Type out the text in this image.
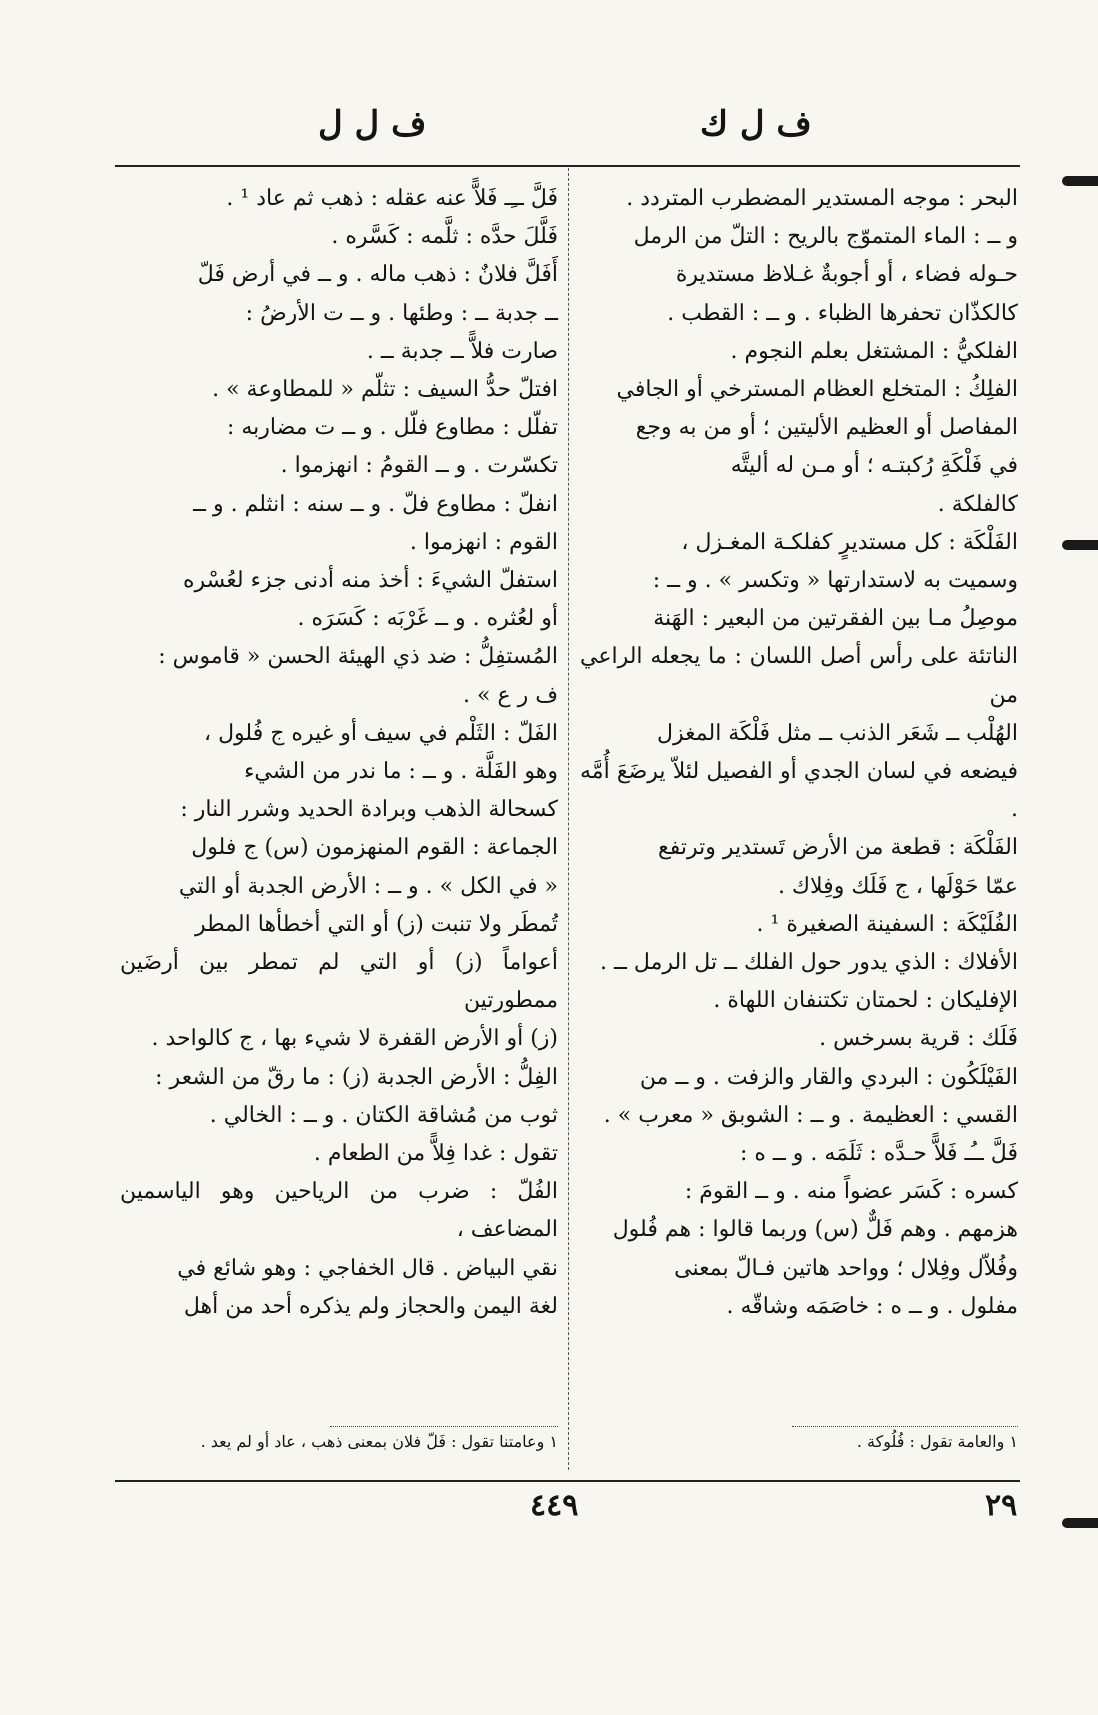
ف ل ك
ف ل ل

البحر : موجه المستدير المضطرب المتردد .

و ــ : الماء المتموّج بالريح : التلّ من الرمل

حـوله فضاء ، أو أجوبةٌ غـلاظ مستديرة

كالكذّان تحفرها الظباء . و ــ : القطب .

الفلكيُّ : المشتغل بعلم النجوم .

الفلِكُ : المتخلع العظام المسترخي أو الجافي

المفاصل أو العظيم الأليتين ؛ أو من به وجع

في فَلْكَةِ رُكبتـه ؛ أو مـن له أليتَّه

كالفلكة .

الفَلْكَة : كل مستديرٍ كفلكـة المغـزل ،

وسميت به لاستدارتها « وتكسر » . و ــ :

موصِلُ مـا بين الفقرتين من البعير : الهَنة

الناتئة على رأس أصل اللسان : ما يجعله الراعي من

الهُلْب ــ شَعَر الذنب ــ مثل فَلْكَة المغزل

فيضعه في لسان الجدي أو الفصيل لئلاّ يرضَعَ أُمَّه .

الفَلْكَة : قطعة من الأرض تَستدير وترتفع

عمّا حَوْلَها ، ج فَلَك وفِلاك .

الفُلَيْكَة : السفينة الصغيرة ¹ .

الأفلاك : الذي يدور حول الفلك ــ تل الرمل ــ .

الإفليكان : لحمتان تكتنفان اللهاة .

فَلَك : قرية بسرخس .

الفَيْلَكُون : البردي والقار والزفت . و ــ من

القسي : العظيمة . و ــ : الشوبق « معرب » .

فَلَّ ــُـ فَلاًّ حـدَّه : ثَلَمَه . و ــ ه :

كسره : كَسَر عضواً منه . و ــ القومَ :

هزمهم . وهم فَلٌّ (س) وربما قالوا : هم فُلول

وفُلاّل وفِلال ؛ وواحد هاتين فـالّ بمعنى

مفلول . و ــ ه : خاصَمَه وشاقّه .

فَلَّ ــِـ فَلاًّ عنه عقله : ذهب ثم عاد ¹ .

فَلَّلَ حدَّه : ثلَّمه : كَسَّره .

أَفَلَّ فلانٌ : ذهب ماله . و ــ في أرض فَلّ

ــ جدبة ــ : وطئها . و ــ ت الأرضُ :

صارت فلاًّ ــ جدبة ــ .

افتلّ حدُّ السيف : تثلّم « للمطاوعة » .

تفلّل : مطاوع فلّل . و ــ ت مضاربه :

تكسّرت . و ــ القومُ : انهزموا .

انفلّ : مطاوع فلّ . و ــ سنه : انثلم . و ــ

القوم : انهزموا .

استفلّ الشيءَ : أخذ منه أدنى جزء لعُسْره

أو لعُثره . و ــ غَرْبَه : كَسَرَه .

المُستفِلُّ : ضد ذي الهيئة الحسن « قاموس :

ف ر ع » .

الفَلّ : الثَلْم في سيف أو غيره ج فُلول ،

وهو الفَلَّة . و ــ : ما ندر من الشيء

كسحالة الذهب وبرادة الحديد وشرر النار :

الجماعة : القوم المنهزمون (س) ج فلول

« في الكل » . و ــ : الأرض الجدبة أو التي

تُمطَر ولا تنبت (ز) أو التي أخطأها المطر

أعواماً (ز) أو التي لم تمطر بين أرضَين ممطورتين

(ز) أو الأرض القفرة لا شيء بها ، ج كالواحد .

الفِلُّ : الأرض الجدبة (ز) : ما رقّ من الشعر :

ثوب من مُشاقة الكتان . و ــ : الخالي .

تقول : غدا فِلاًّ من الطعام .

الفُلّ : ضرب من الرياحين وهو الياسمين المضاعف ،

نقي البياض . قال الخفاجي : وهو شائع في

لغة اليمن والحجاز ولم يذكره أحد من أهل

١ والعامة تقول : فُلُوكة .
١ وعامتنا تقول : فَلّ فلان بمعنى ذهب ، عاد أو لم يعد .
٢٩
٤٤٩
